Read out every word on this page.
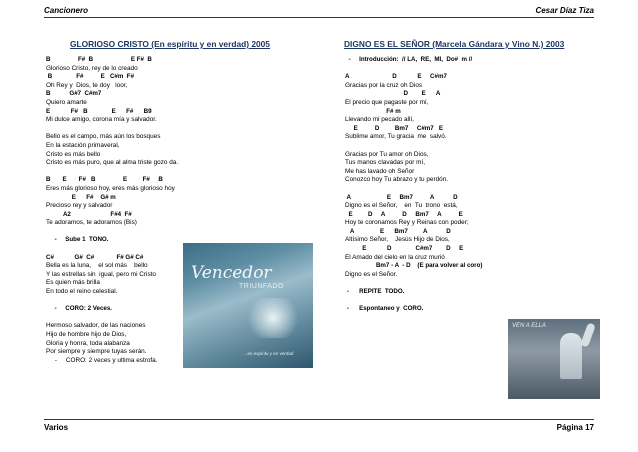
Cancionero	Cesar Díaz Tiza
GLORIOSO CRISTO (En espíritu y en verdad) 2005
B                F#  B                      E F#  B
Glorioso Cristo, rey de lo creado
B              F#          E   C#m  F#
Oh Rey y  Dios, te doy   loor,
B           G#7  C#m7
Quiero amarte
E            F#   B              E      F#      B9
Mi dulce amigo, corona mía y salvador.
Bello es el campo, más aún los bosques
En la estación primaveral,
Cristo es más bello
Cristo es más puro, que al alma triste gozo da.
B       E       F#   B                E         F#     B
Eres más glorioso hoy, eres más glorioso hoy
E      F#    G# m
Precioso rey y salvador
A2                       F#4  F#
Te adoramos, te adoramos (Bis)
-     Sube 1  TONO.
C#            G#  C#             F# G# C#
Bella es la luna,    el sol más    bello
Y las estrellas sin  igual, pero mi Cristo
Es quien más brilla
En todo el reino celestial.
-     CORO: 2 Veces.
Hermoso salvador, de las naciones
Hijo de hombre hijo de Dios,
Gloria y honra, toda alabanza
Por siempre y siempre tuyas serán.
-     CORO: 2 veces y ultima estrofa.
DIGNO ES EL SEÑOR (Marcela Gándara y Vino N.) 2003
-     Introducción:  // LA,  RE,  MI,  Do#  m //
A                         D            E     C#m7
Gracias por la cruz oh Dios
D        E      A
El precio que pagaste por mí,
F# m
Llevando mi pecado allí,
E          D         Bm7     C#m7   E
Sublime amor, Tu gracia  me  salvó.
Gracias por Tu amor oh Dios,
Tus manos clavadas por mí,
Me has lavado oh Señor
Conozco hoy Tu abrazo y tu perdón.
A                     E     Bm7          A           D
Digno es el Señor,    en  Tu  trono  está,
E         D     A          D     Bm7     A          E
Hoy te coronamos Rey y Reinas con poder;
A               E      Bm7         A           D
Altísimo Señor,    Jesús Hijo de Dios,
E            D              C#m7        D     E
El Amado del cielo en la cruz murió
Bm7 - A  - D    (E para volver al coro)
Digno es el Señor.
-      REPITE  TODO.
-      Espontaneo y  CORO.
Vencedor
TRIUNFADO
…en espíritu y en verdad
VEN A ELLA
Varios	Página 17
